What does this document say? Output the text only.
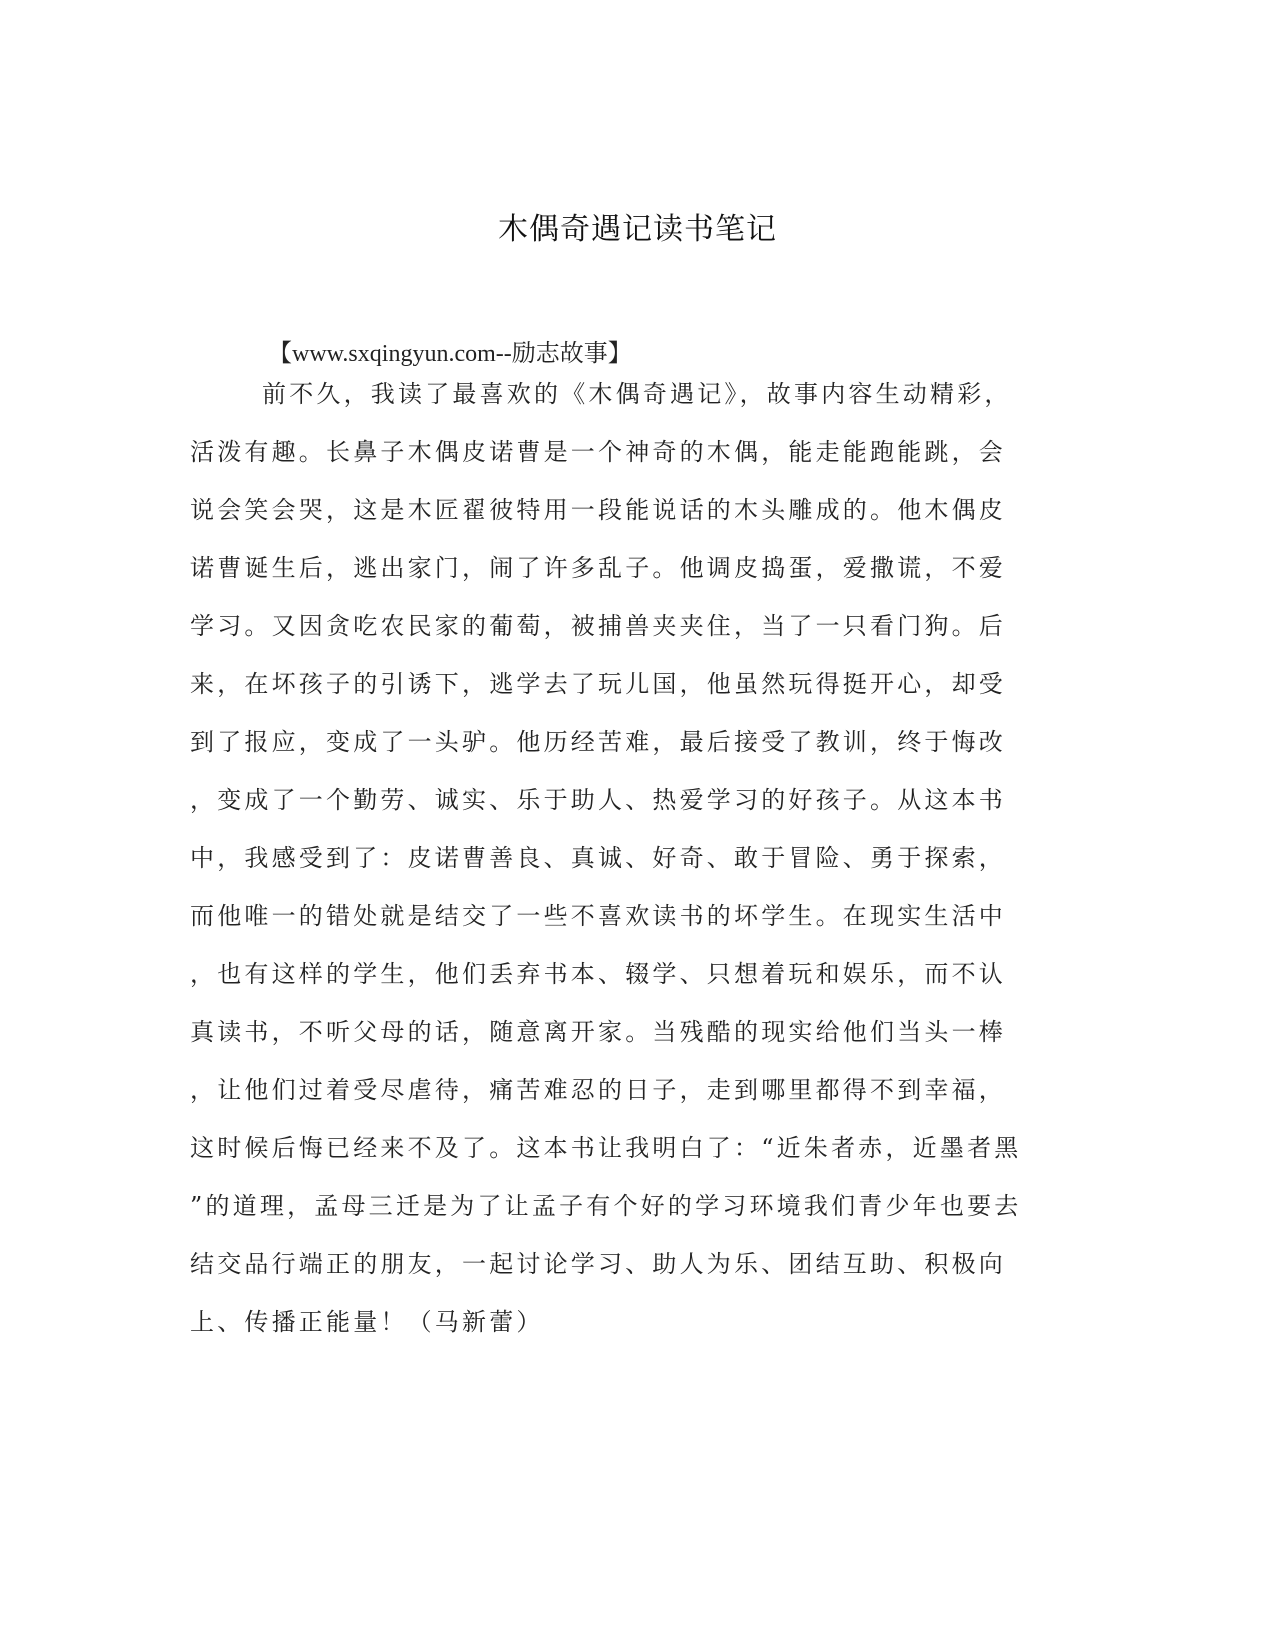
木偶奇遇记读书笔记
【www.sxqingyun.com--励志故事】
前不久，我读了最喜欢的《木偶奇遇记》，故事内容生动精彩，
活泼有趣。长鼻子木偶皮诺曹是一个神奇的木偶，能走能跑能跳，会
说会笑会哭，这是木匠翟彼特用一段能说话的木头雕成的。他木偶皮
诺曹诞生后，逃出家门，闹了许多乱子。他调皮捣蛋，爱撒谎，不爱
学习。又因贪吃农民家的葡萄，被捕兽夹夹住，当了一只看门狗。后
来，在坏孩子的引诱下，逃学去了玩儿国，他虽然玩得挺开心，却受
到了报应，变成了一头驴。他历经苦难，最后接受了教训，终于悔改
，变成了一个勤劳、诚实、乐于助人、热爱学习的好孩子。从这本书
中，我感受到了：皮诺曹善良、真诚、好奇、敢于冒险、勇于探索，
而他唯一的错处就是结交了一些不喜欢读书的坏学生。在现实生活中
，也有这样的学生，他们丢弃书本、辍学、只想着玩和娱乐，而不认
真读书，不听父母的话，随意离开家。当残酷的现实给他们当头一棒
，让他们过着受尽虐待，痛苦难忍的日子，走到哪里都得不到幸福，
这时候后悔已经来不及了。这本书让我明白了：“近朱者赤，近墨者黑
”的道理，孟母三迁是为了让孟子有个好的学习环境我们青少年也要去
结交品行端正的朋友，一起讨论学习、助人为乐、团结互助、积极向
上、传播正能量！（马新蕾）
